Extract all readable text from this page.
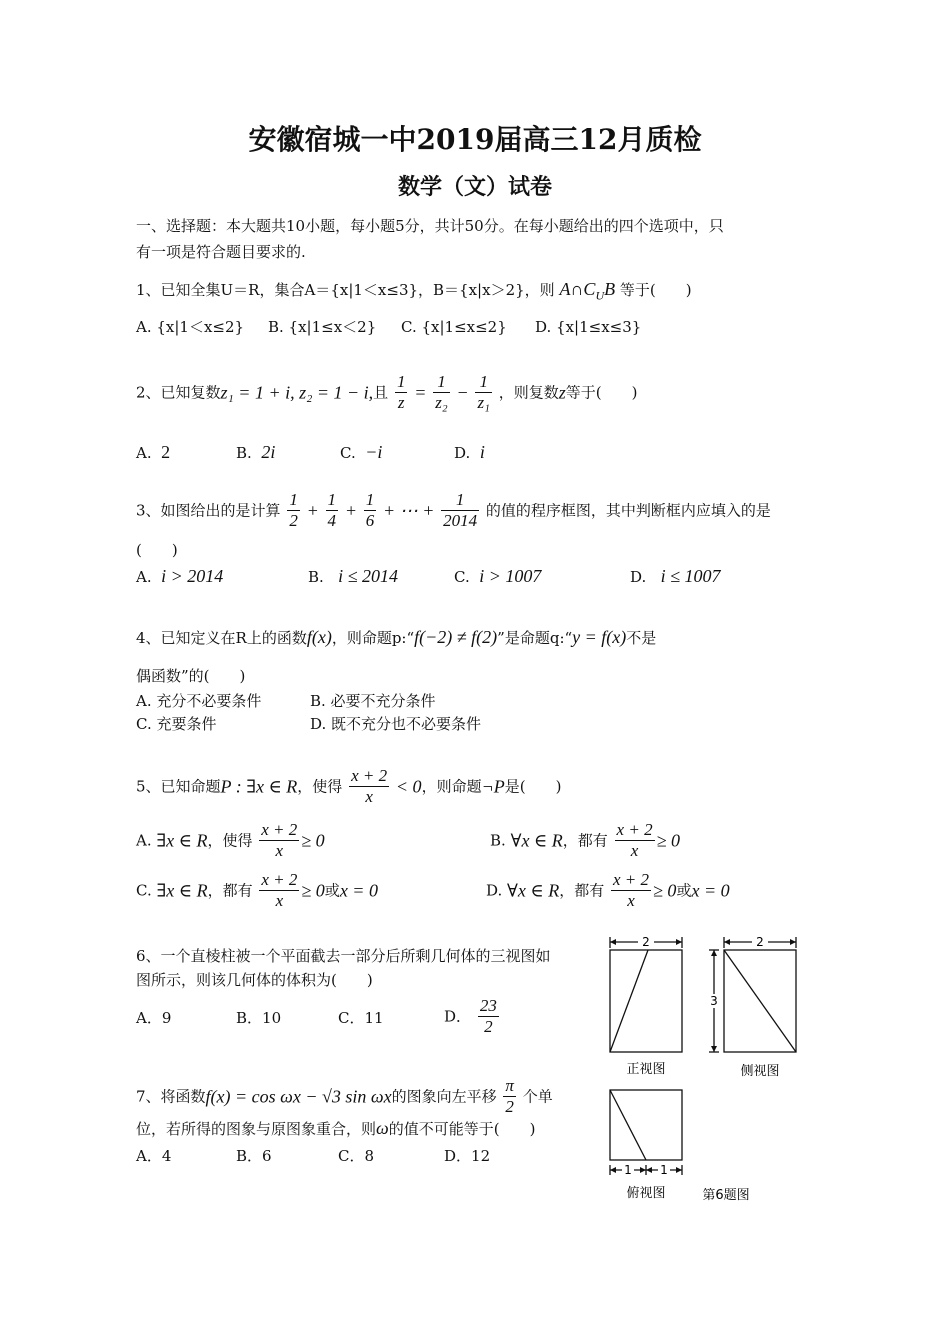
安徽宿城一中2019届高三12月质检
数学（文）试卷
一、选择题：本大题共10小题，每小题5分，共计50分。在每小题给出的四个选项中，只
有一项是符合题目要求的.
1、已知全集U＝R，集合A＝{x|1＜x≤3}，B＝{x|x＞2}，则 $A\cap C_UB$ 等于(　　)
A. {x|1＜x≤2} B. {x|1≤x＜2} C. {x|1≤x≤2} D. {x|1≤x≤3}
2、已知复数z₁ = 1 + i, z₂ = 1 − i,且 $\frac{1}{z} = \frac{1}{\text{z₂}} - \frac{1}{\text{z₁}}$ ，则复数z等于(　　)
A. 2	B. 2i	C. −i	D. i
3、如图给出的是计算 $\frac{1}{2} + \frac{1}{4} + \frac{1}{6}$ + ⋯ + $\frac{1}{2014}$ 的值的程序框图，其中判断框内应填入的是
(　　)
A. i > 2014	B. i ≤ 2014	C. i > 1007	D. i ≤ 1007
4、已知定义在R上的函数f(x)，则命题p:“f(−2) ≠ f(2)”是命题q:“y = f(x)不是
偶函数”的(　　)
A. 充分不必要条件	B. 必要不充分条件
C. 充要条件	D. 既不充分也不必要条件
5、已知命题P : ∃x ∈ R，使得 $\frac{x + 2}{x} < 0$，则命题¬P是(　　)
A. ∃x ∈ R，使得 $\frac{x + 2}{x} \ge 0$	B. ∀x ∈ R，都有 $\frac{x + 2}{x} \ge 0$
C. ∃x ∈ R，都有 $\frac{x + 2}{x} \ge 0$或x = 0	D. ∀x ∈ R，都有 $\frac{x + 2}{x} \ge 0$或x = 0
6、一个直棱柱被一个平面截去一部分后所剩几何体的三视图如
图所示，则该几何体的体积为(　　)
A．9	B．10	C．11	D． $\frac{23}{2}$
7、将函数f(x) = cos ωx − √3 sin ωx的图象向左平移 $\frac{\pi}{2}$ 个单
位，若所得的图象与原图象重合，则ω的值不可能等于(　　)
A．4	B．6	C．8	D．12
2	2
3
1 1
正视图	侧视图
俯视图	第6题图
